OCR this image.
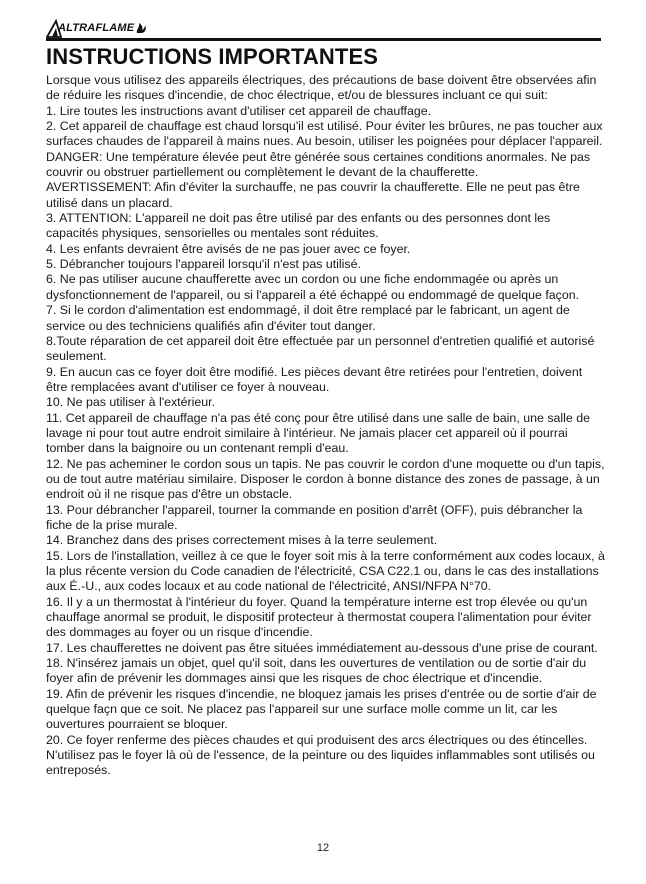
ALTRAFLAME
INSTRUCTIONS IMPORTANTES

Lorsque vous utilisez des appareils électriques, des précautions de base doivent être observées afin de réduire les risques d'incendie, de choc électrique, et/ou de blessures incluant ce qui suit:

1. Lire toutes les instructions avant d'utiliser cet appareil de chauffage.

2. Cet appareil de chauffage est chaud lorsqu'il est utilisé. Pour éviter les brûures, ne pas toucher aux surfaces chaudes de l'appareil à mains nues. Au besoin, utiliser les poignées pour déplacer l'appareil.

DANGER: Une température élevée peut être générée sous certaines conditions anormales. Ne pas couvrir ou obstruer partiellement ou complètement le devant de la chaufferette.

AVERTISSEMENT: Afin d'éviter la surchauffe, ne pas couvrir la chaufferette. Elle ne peut pas être utilisé dans un placard.

3. ATTENTION: L'appareil ne doit pas être utilisé par des enfants ou des personnes dont les capacités physiques, sensorielles ou mentales sont réduites.

4. Les enfants devraient être avisés de ne pas jouer avec ce foyer.

5. Débrancher toujours l'appareil lorsqu'il n'est pas utilisé.

6. Ne pas utiliser aucune chaufferette avec un cordon ou une fiche endommagée ou après un dysfonctionnement de l'appareil, ou si l'appareil a été échappé ou endommagé de quelque façon.

7. Si le cordon d'alimentation est endommagé, il doit être remplacé par le fabricant, un agent de service ou des techniciens qualifiés afin d'éviter tout danger.

8.Toute réparation de cet appareil doit être effectuée par un personnel d'entretien qualifié et autorisé seulement.

9. En aucun cas ce foyer doit être modifié. Les pièces devant être retirées pour l'entretien, doivent être remplacées avant d'utiliser ce foyer à nouveau.

10. Ne pas utiliser à l'extérieur.

11. Cet appareil de chauffage n'a pas été conç pour être utilisé dans une salle de bain, une salle de lavage ni pour tout autre endroit similaire à l'intérieur. Ne jamais placer cet appareil où il pourrai tomber dans la baignoire ou un contenant rempli d'eau.

12. Ne pas acheminer le cordon sous un tapis. Ne pas couvrir le cordon d'une moquette ou d'un tapis, ou de tout autre matériau similaire. Disposer le cordon à bonne distance des zones de passage, à un endroit où il ne risque pas d'être un obstacle.

13. Pour débrancher l'appareil, tourner la commande en position d'arrêt (OFF), puis débrancher la fiche de la prise murale.

14. Branchez dans des prises correctement mises à la terre seulement.

15. Lors de l'installation, veillez à ce que le foyer soit mis à la terre conformément aux codes locaux, à la plus récente version du Code canadien de l'électricité, CSA C22.1 ou, dans le cas des installations aux É.-U., aux codes locaux et au code national de l'électricité, ANSI/NFPA N°70.

16. Il y a un thermostat à l'intérieur du foyer. Quand la température interne est trop élevée ou qu'un chauffage anormal se produit, le dispositif protecteur à thermostat coupera l'alimentation pour éviter des dommages au foyer ou un risque d'incendie.

17. Les chaufferettes ne doivent pas être situées immédiatement au-dessous d'une prise de courant.

18. N'insérez jamais un objet, quel qu'il soit, dans les ouvertures de ventilation ou de sortie d'air du foyer afin de prévenir les dommages ainsi que les risques de choc électrique et d'incendie.

19. Afin de prévenir les risques d'incendie, ne bloquez jamais les prises d'entrée ou de sortie d'air de quelque façn que ce soit. Ne placez pas l'appareil sur une surface molle comme un lit, car les ouvertures pourraient se bloquer.

20. Ce foyer renferme des pièces chaudes et qui produisent des arcs électriques ou des étincelles. N'utilisez pas le foyer là où de l'essence, de la peinture ou des liquides inflammables sont utilisés ou entreposés.

12
